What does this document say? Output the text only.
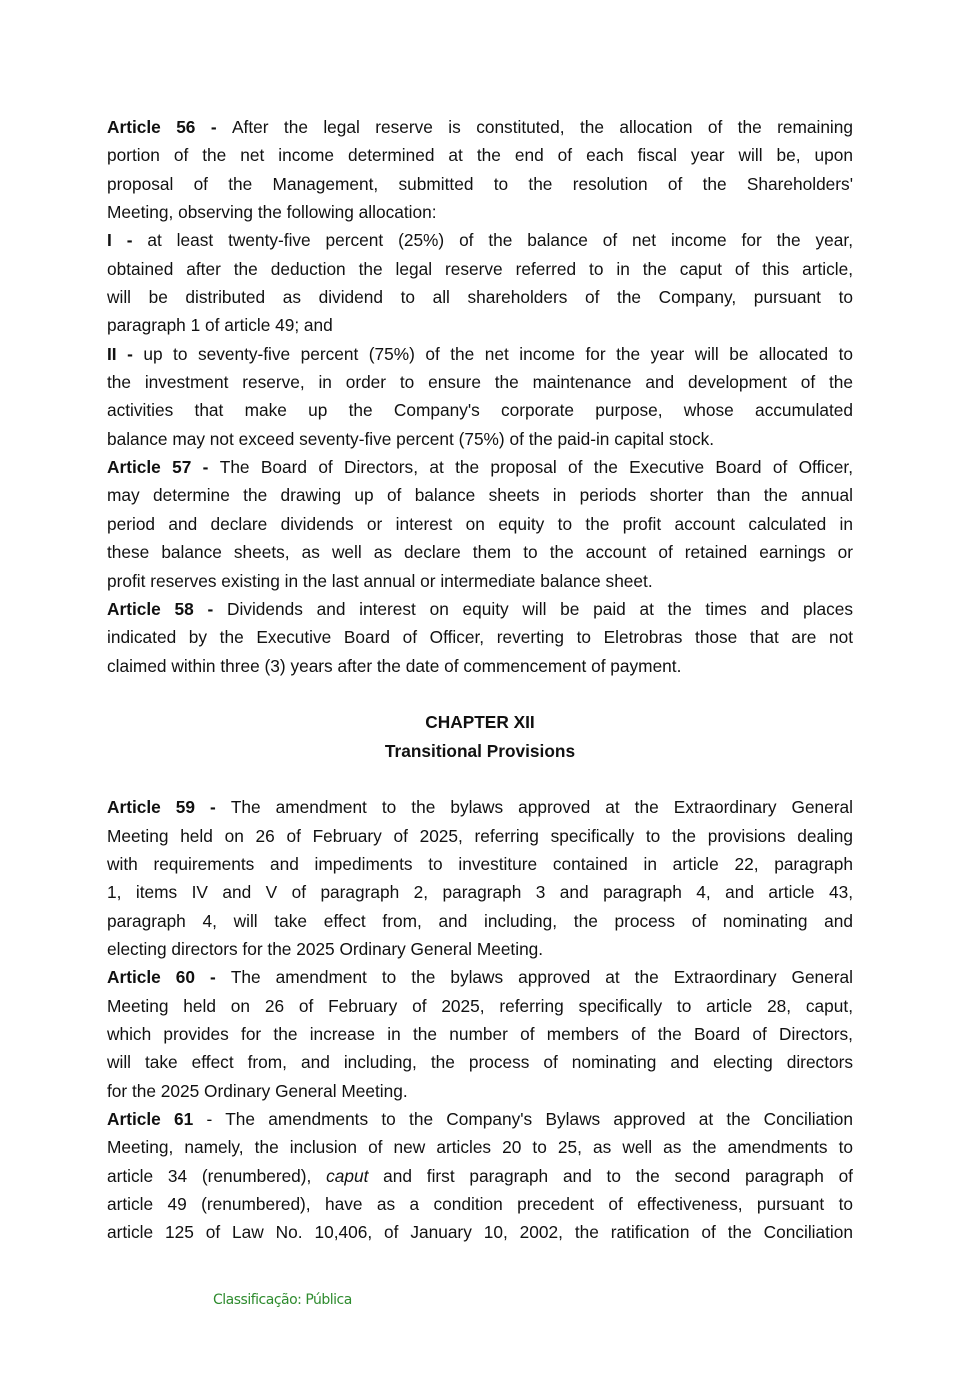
Article 56 - After the legal reserve is constituted, the allocation of the remaining
portion of the net income determined at the end of each fiscal year will be, upon
proposal of the Management, submitted to the resolution of the Shareholders'
Meeting, observing the following allocation:
I - at least twenty-five percent (25%) of the balance of net income for the year,
obtained after the deduction the legal reserve referred to in the caput of this article,
will be distributed as dividend to all shareholders of the Company, pursuant to
paragraph 1 of article 49; and
II - up to seventy-five percent (75%) of the net income for the year will be allocated to
the investment reserve, in order to ensure the maintenance and development of the
activities that make up the Company's corporate purpose, whose accumulated
balance may not exceed seventy-five percent (75%) of the paid-in capital stock.
Article 57 - The Board of Directors, at the proposal of the Executive Board of Officer,
may determine the drawing up of balance sheets in periods shorter than the annual
period and declare dividends or interest on equity to the profit account calculated in
these balance sheets, as well as declare them to the account of retained earnings or
profit reserves existing in the last annual or intermediate balance sheet.
Article 58 - Dividends and interest on equity will be paid at the times and places
indicated by the Executive Board of Officer, reverting to Eletrobras those that are not
claimed within three (3) years after the date of commencement of payment.

CHAPTER XII
Transitional Provisions

Article 59 - The amendment to the bylaws approved at the Extraordinary General
Meeting held on 26 of February of 2025, referring specifically to the provisions dealing
with requirements and impediments to investiture contained in article 22, paragraph
1, items IV and V of paragraph 2, paragraph 3 and paragraph 4, and article 43,
paragraph 4, will take effect from, and including, the process of nominating and
electing directors for the 2025 Ordinary General Meeting.
Article 60 - The amendment to the bylaws approved at the Extraordinary General
Meeting held on 26 of February of 2025, referring specifically to article 28, caput,
which provides for the increase in the number of members of the Board of Directors,
will take effect from, and including, the process of nominating and electing directors
for the 2025 Ordinary General Meeting.
Article 61 - The amendments to the Company's Bylaws approved at the Conciliation
Meeting, namely, the inclusion of new articles 20 to 25, as well as the amendments to
article 34 (renumbered), caput and first paragraph and to the second paragraph of
article 49 (renumbered), have as a condition precedent of effectiveness, pursuant to
article 125 of Law No. 10,406, of January 10, 2002, the ratification of the Conciliation
Classificação: Pública
